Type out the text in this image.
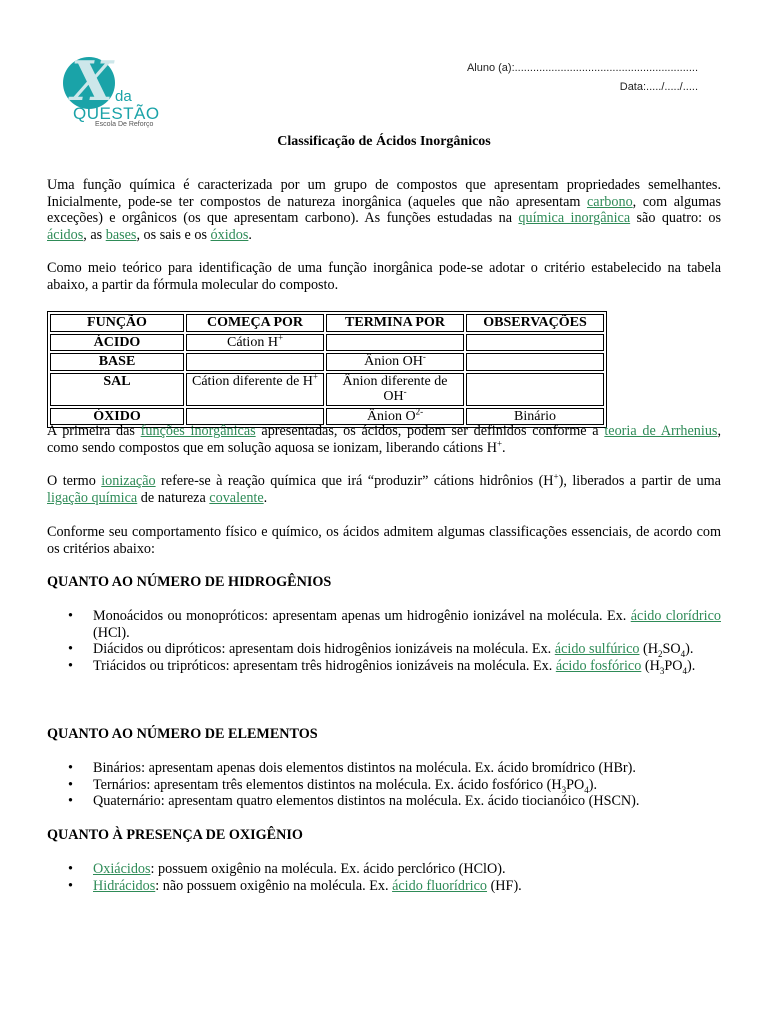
X da
QUESTÃO
Escola De Reforço
Aluno (a):............................................................
Data:...../...../.....
Classificação de Ácidos Inorgânicos

Uma função química é caracterizada por um grupo de compostos que apresentam propriedades semelhantes. Inicialmente, pode-se ter compostos de natureza inorgânica (aqueles que não apresentam carbono, com algumas exceções) e orgânicos (os que apresentam carbono). As funções estudadas na química inorgânica são quatro: os ácidos, as bases, os sais e os óxidos.

Como meio teórico para identificação de uma função inorgânica pode-se adotar o critério estabelecido na tabela abaixo, a partir da fórmula molecular do composto.

FUNÇÃO	COMEÇA POR	TERMINA POR	OBSERVAÇÕES
ÁCIDO	Cátion H+		
BASE		Ânion OH-	
SAL	Cátion diferente de H+	Ânion diferente de OH-	
ÓXIDO		Ânion $O^{2-}$	Binário

A primeira das funções inorgânicas apresentadas, os ácidos, podem ser definidos conforme a teoria de Arrhenius, como sendo compostos que em solução aquosa se ionizam, liberando cátions H+.

O termo ionização refere-se à reação química que irá “produzir” cátions hidrônios (H+), liberados a partir de uma ligação química de natureza covalente.

Conforme seu comportamento físico e químico, os ácidos admitem algumas classificações essenciais, de acordo com os critérios abaixo:

QUANTO AO NÚMERO DE HIDROGÊNIOS
• Monoácidos ou monopróticos: apresentam apenas um hidrogênio ionizável na molécula. Ex. ácido clorídrico (HCl).
• Diácidos ou dipróticos: apresentam dois hidrogênios ionizáveis na molécula. Ex. ácido sulfúrico $(H_2SO_4)$.
• Triácidos ou tripróticos: apresentam três hidrogênios ionizáveis na molécula. Ex. ácido fosfórico $(H_3PO_4)$.
QUANTO AO NÚMERO DE ELEMENTOS
• Binários: apresentam apenas dois elementos distintos na molécula. Ex. ácido bromídrico (HBr).
• Ternários: apresentam três elementos distintos na molécula. Ex. ácido fosfórico $(H_3PO_4)$.
• Quaternário: apresentam quatro elementos distintos na molécula. Ex. ácido tiocianóico (HSCN).
QUANTO À PRESENÇA DE OXIGÊNIO
• Oxiácidos: possuem oxigênio na molécula. Ex. ácido perclórico (HClO).
• Hidrácidos: não possuem oxigênio na molécula. Ex. ácido fluorídrico (HF).
